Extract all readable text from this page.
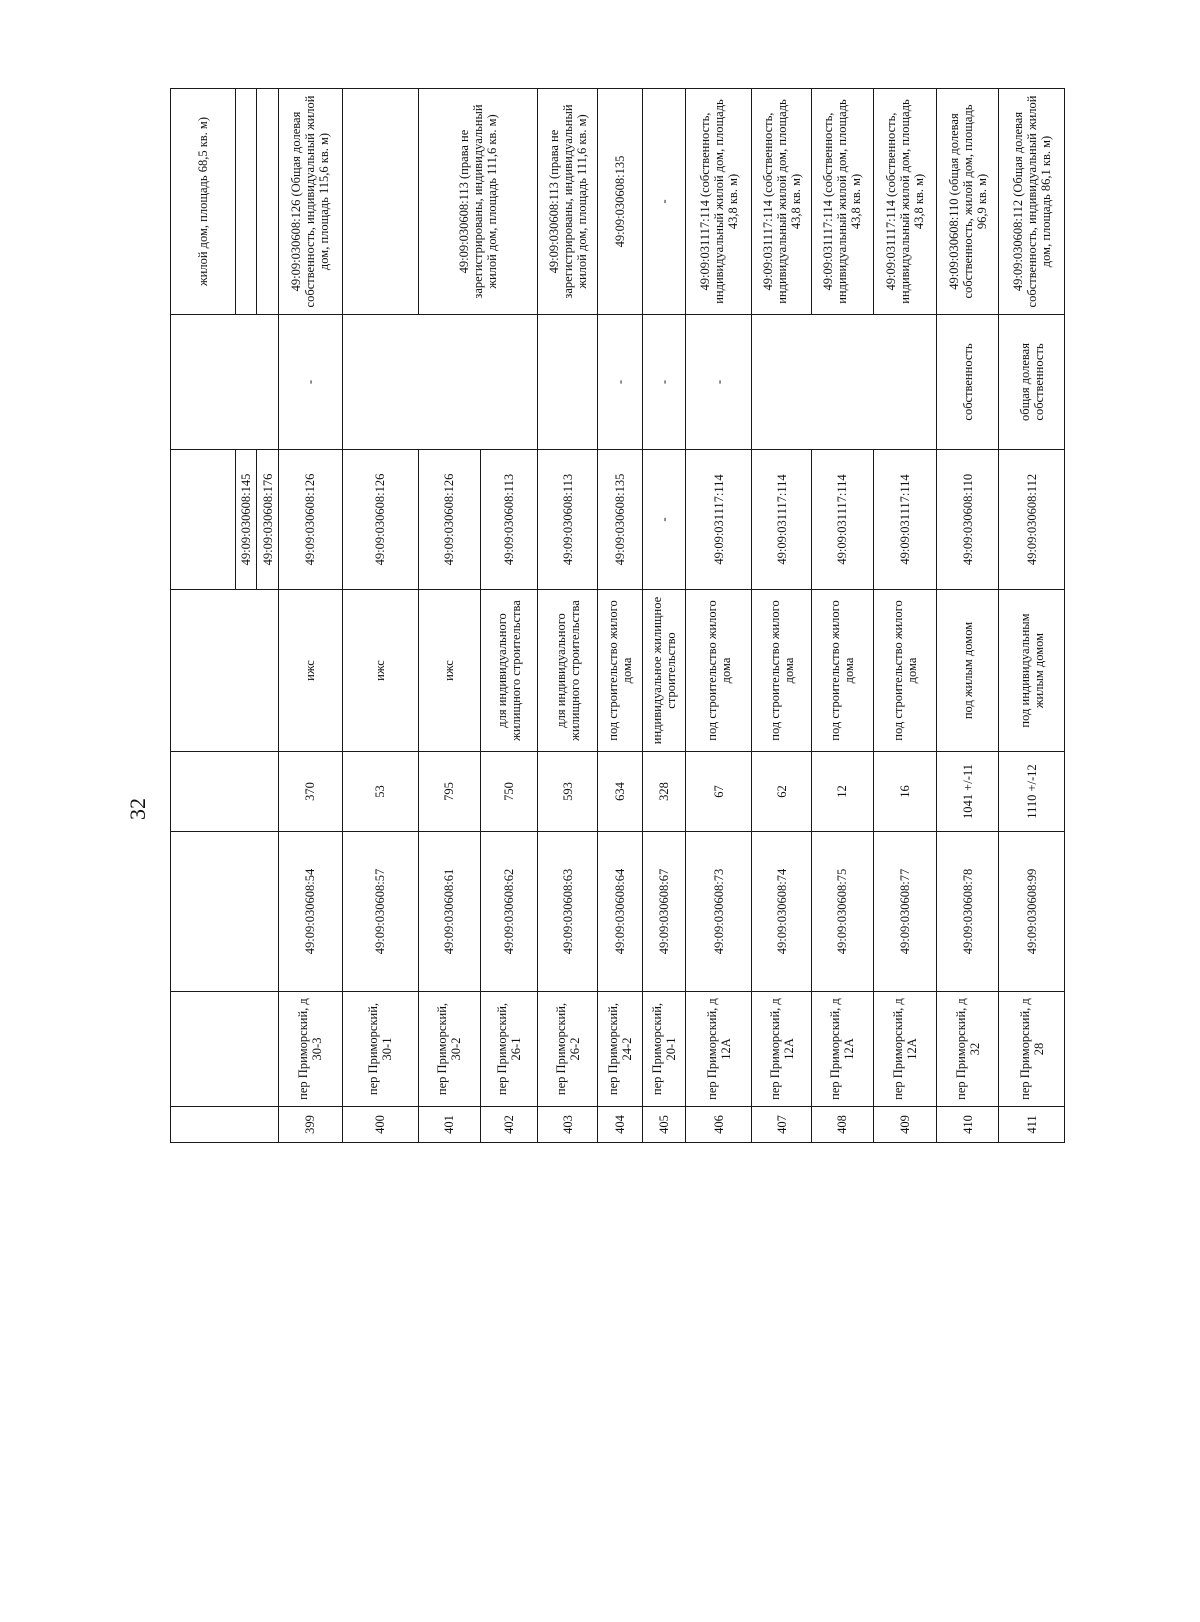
32
							жилой дом, площадь 68,5 кв. м)
					49:09:030608:145		
					49:09:030608:176		
399	пер Приморский, д 30-3	49:09:030608:54	370	ижс	49:09:030608:126	-	49:09:030608:126 (Общая долевая собственность, индивидуальный жилой дом, площадь 115,6 кв. м)
400	пер Приморский, 30-1	49:09:030608:57	53	ижс	49:09:030608:126		
401	пер Приморский, 30-2	49:09:030608:61	795	ижс	49:09:030608:126		49:09:030608:113 (права не зарегистрированы, индивидуальный жилой дом, площадь 111,6 кв. м)
402	пер Приморский, 26-1	49:09:030608:62	750	для индивидуального жилищного строительства	49:09:030608:113		
403	пер Приморский, 26-2	49:09:030608:63	593	для индивидуального жилищного строительства	49:09:030608:113		49:09:030608:113 (права не зарегистрированы, индивидуальный жилой дом, площадь 111,6 кв. м)
404	пер Приморский, 24-2	49:09:030608:64	634	под строительство жилого дома	49:09:030608:135	-	49:09:030608:135
405	пер Приморский, 20-1	49:09:030608:67	328	индивидуальное жилищное строительство	-	-	-
406	пер Приморский, д 12А	49:09:030608:73	67	под строительство жилого дома	49:09:031117:114	-	49:09:031117:114 (собственность, индивидуальный жилой дом, площадь 43,8 кв. м)
407	пер Приморский, д 12А	49:09:030608:74	62	под строительство жилого дома	49:09:031117:114		49:09:031117:114 (собственность, индивидуальный жилой дом, площадь 43,8 кв. м)
408	пер Приморский, д 12А	49:09:030608:75	12	под строительство жилого дома	49:09:031117:114		49:09:031117:114 (собственность, индивидуальный жилой дом, площадь 43,8 кв. м)
409	пер Приморский, д 12А	49:09:030608:77	16	под строительство жилого дома	49:09:031117:114		49:09:031117:114 (собственность, индивидуальный жилой дом, площадь 43,8 кв. м)
410	пер Приморский, д 32	49:09:030608:78	1041 +/-11	под жилым домом	49:09:030608:110	собственность	49:09:030608:110 (общая долевая собственность, жилой дом, площадь 96,9 кв. м)
411	пер Приморский, д 28	49:09:030608:99	1110 +/-12	под индивидуальным жилым домом	49:09:030608:112	общая долевая собственность	49:09:030608:112 (Общая долевая собственность, индивидуальный жилой дом, площадь 86,1 кв. м)
